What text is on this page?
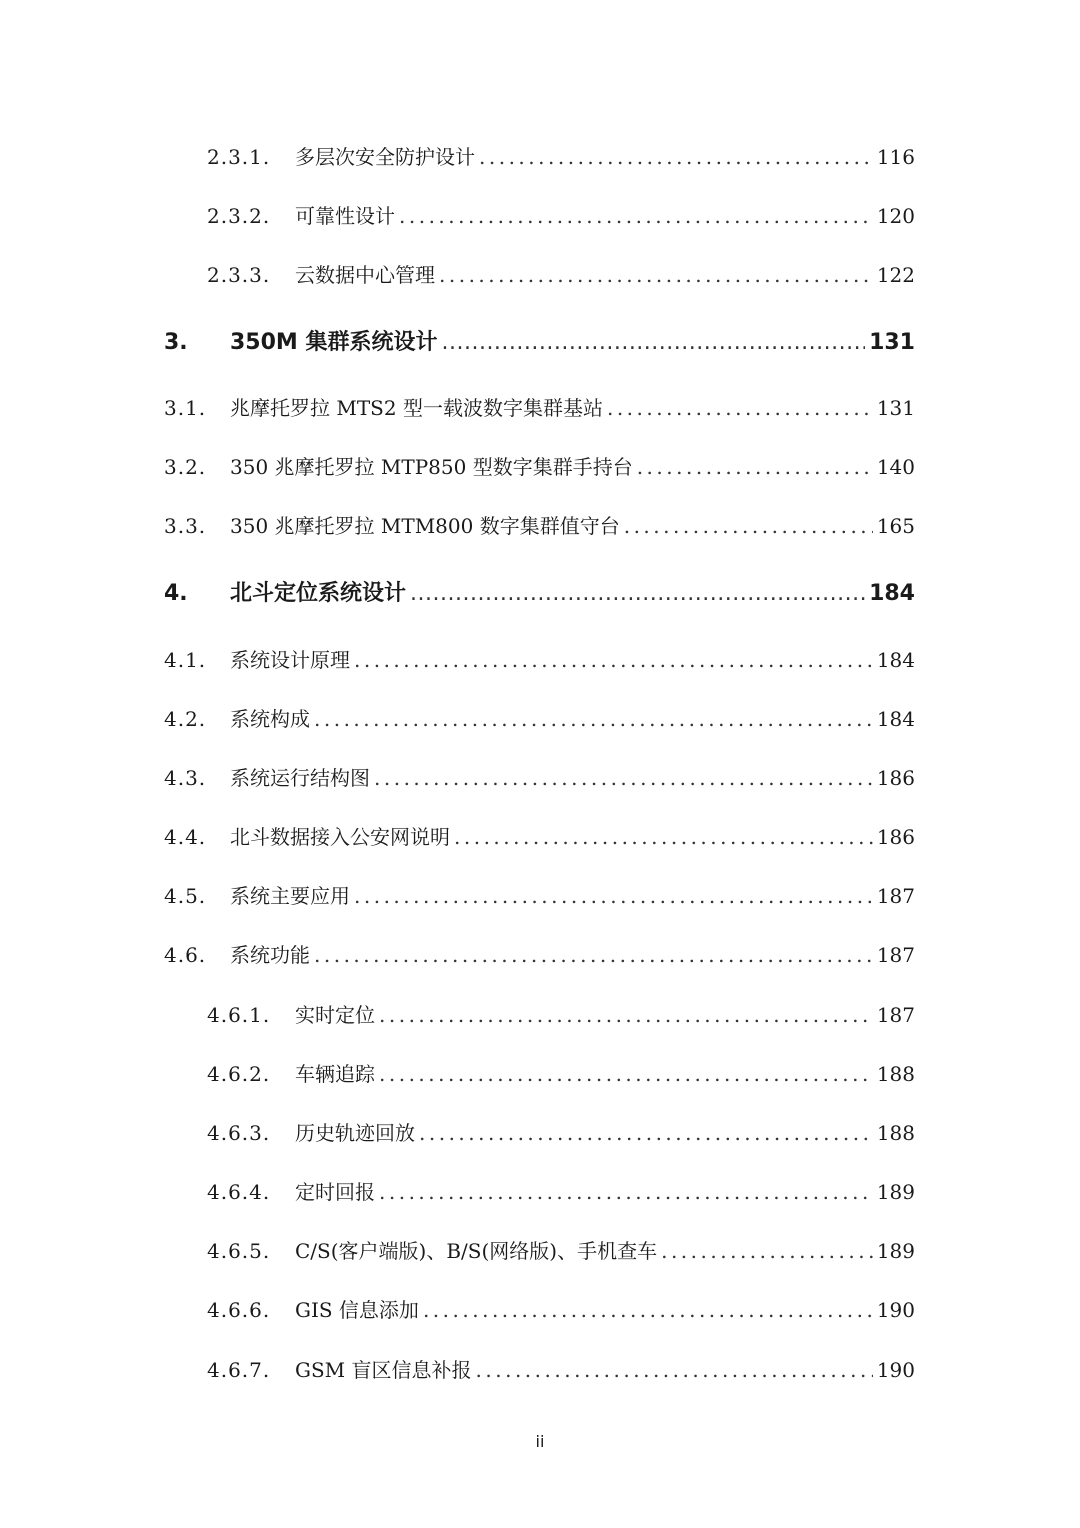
2.3.1.	多层次安全防护设计 .....	116
2.3.2.	可靠性设计 .....	120
2.3.3.	云数据中心管理 .....	122
3.	350M 集群系统设计 .....	131
3.1.	兆摩托罗拉 MTS2 型一载波数字集群基站 .....	131
3.2.	350 兆摩托罗拉 MTP850 型数字集群手持台 .....	140
3.3.	350 兆摩托罗拉 MTM800 数字集群值守台 .....	165
4.	北斗定位系统设计 .....	184
4.1.	系统设计原理 .....	184
4.2.	系统构成 .....	184
4.3.	系统运行结构图 .....	186
4.4.	北斗数据接入公安网说明 .....	186
4.5.	系统主要应用 .....	187
4.6.	系统功能 .....	187
4.6.1.	实时定位 .....	187
4.6.2.	车辆追踪 .....	188
4.6.3.	历史轨迹回放 .....	188
4.6.4.	定时回报 .....	189
4.6.5.	C/S(客户端版)、B/S(网络版)、手机查车 .....	189
4.6.6.	GIS 信息添加 .....	190
4.6.7.	GSM 盲区信息补报 .....	190
ii
